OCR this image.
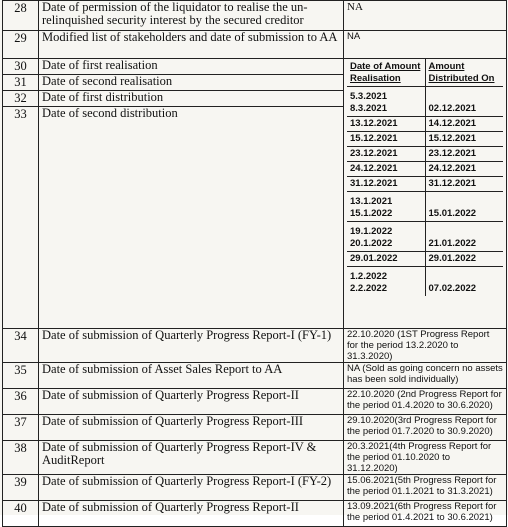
28	Date of permission of the liquidator to realise the un-relinquished security interest by the secured creditor	NA
29	Modified list of stakeholders and date of submission to AA	NA
30	Date of first realisation		Date of Amount Realisation	Amount Distributed On

5.3.2021
8.3.2021	02.12.2021

13.12.2021	14.12.2021

15.12.2021	15.12.2021

23.12.2021	23.12.2021

24.12.2021	24.12.2021

31.12.2021	31.12.2021

13.1.2021
15.1.2022	15.01.2022

19.1.2022
20.1.2022	21.01.2022

29.01.2022	29.01.2022

1.2.2022
2.2.2022	07.02.2022

31	Date of second realisation
32	Date of first distribution
33	Date of second distribution
34	Date of submission of Quarterly Progress Report-I (FY-1)	22.10.2020 (1ST Progress Report for the period 13.2.2020 to 31.3.2020)
35	Date of submission of Asset Sales Report to AA	NA (Sold as going concern no assets has been sold individually)
36	Date of submission of Quarterly Progress Report-II	22.10.2020 (2nd Progress Report for the period 01.4.2020 to 30.6.2020)
37	Date of submission of Quarterly Progress Report-III	29.10.2020(3rd Progress Report for the period 01.7.2020 to 30.9.2020)
38	Date of submission of Quarterly Progress Report-IV & AuditReport	20.3.2021(4th Progress Report for the period 01.10.2020 to 31.12.2020)
39	Date of submission of Quarterly Progress Report-I (FY-2)	15.06.2021(5th Progress Report for the period 01.1.2021 to 31.3.2021)
40	Date of submission of Quarterly Progress Report-II	13.09.2021(6th Progress Report for the period 01.4.2021 to 30.6.2021)
